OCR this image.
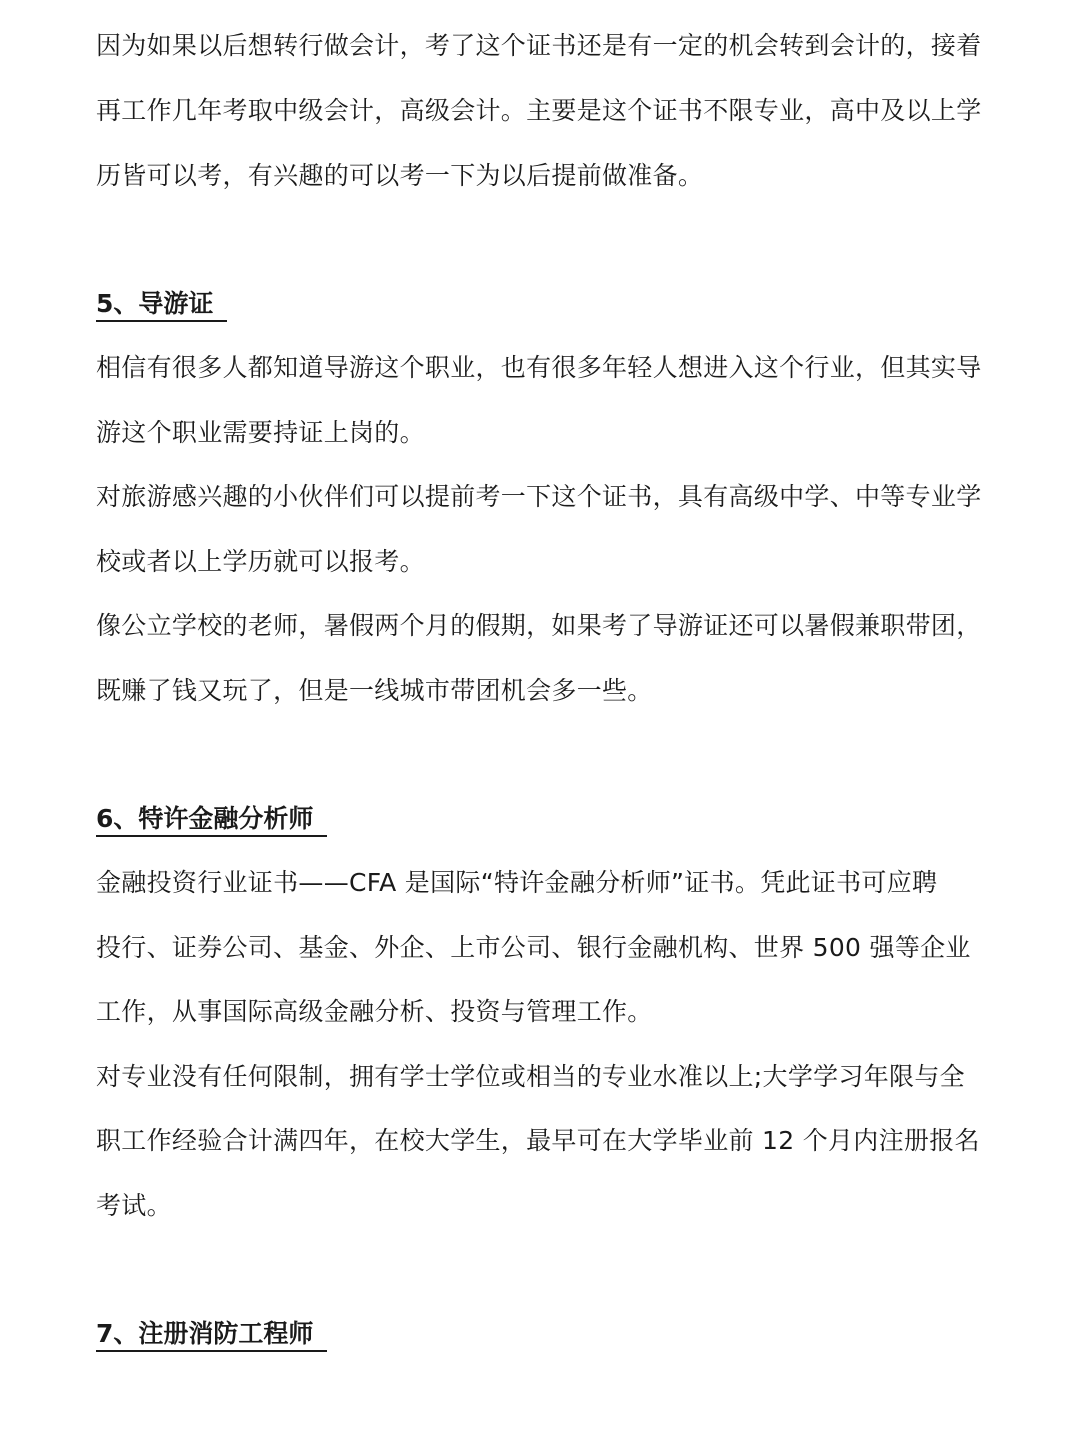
因为如果以后想转行做会计，考了这个证书还是有一定的机会转到会计的，接着
再工作几年考取中级会计，高级会计。主要是这个证书不限专业，高中及以上学
历皆可以考，有兴趣的可以考一下为以后提前做准备。
5、导游证
相信有很多人都知道导游这个职业，也有很多年轻人想进入这个行业，但其实导
游这个职业需要持证上岗的。
对旅游感兴趣的小伙伴们可以提前考一下这个证书，具有高级中学、中等专业学
校或者以上学历就可以报考。
像公立学校的老师，暑假两个月的假期，如果考了导游证还可以暑假兼职带团，
既赚了钱又玩了，但是一线城市带团机会多一些。
6、特许金融分析师
金融投资行业证书——CFA 是国际“特许金融分析师”证书。凭此证书可应聘
投行、证券公司、基金、外企、上市公司、银行金融机构、世界 500 强等企业
工作，从事国际高级金融分析、投资与管理工作。
对专业没有任何限制，拥有学士学位或相当的专业水准以上;大学学习年限与全
职工作经验合计满四年，在校大学生，最早可在大学毕业前 12 个月内注册报名
考试。
7、注册消防工程师
